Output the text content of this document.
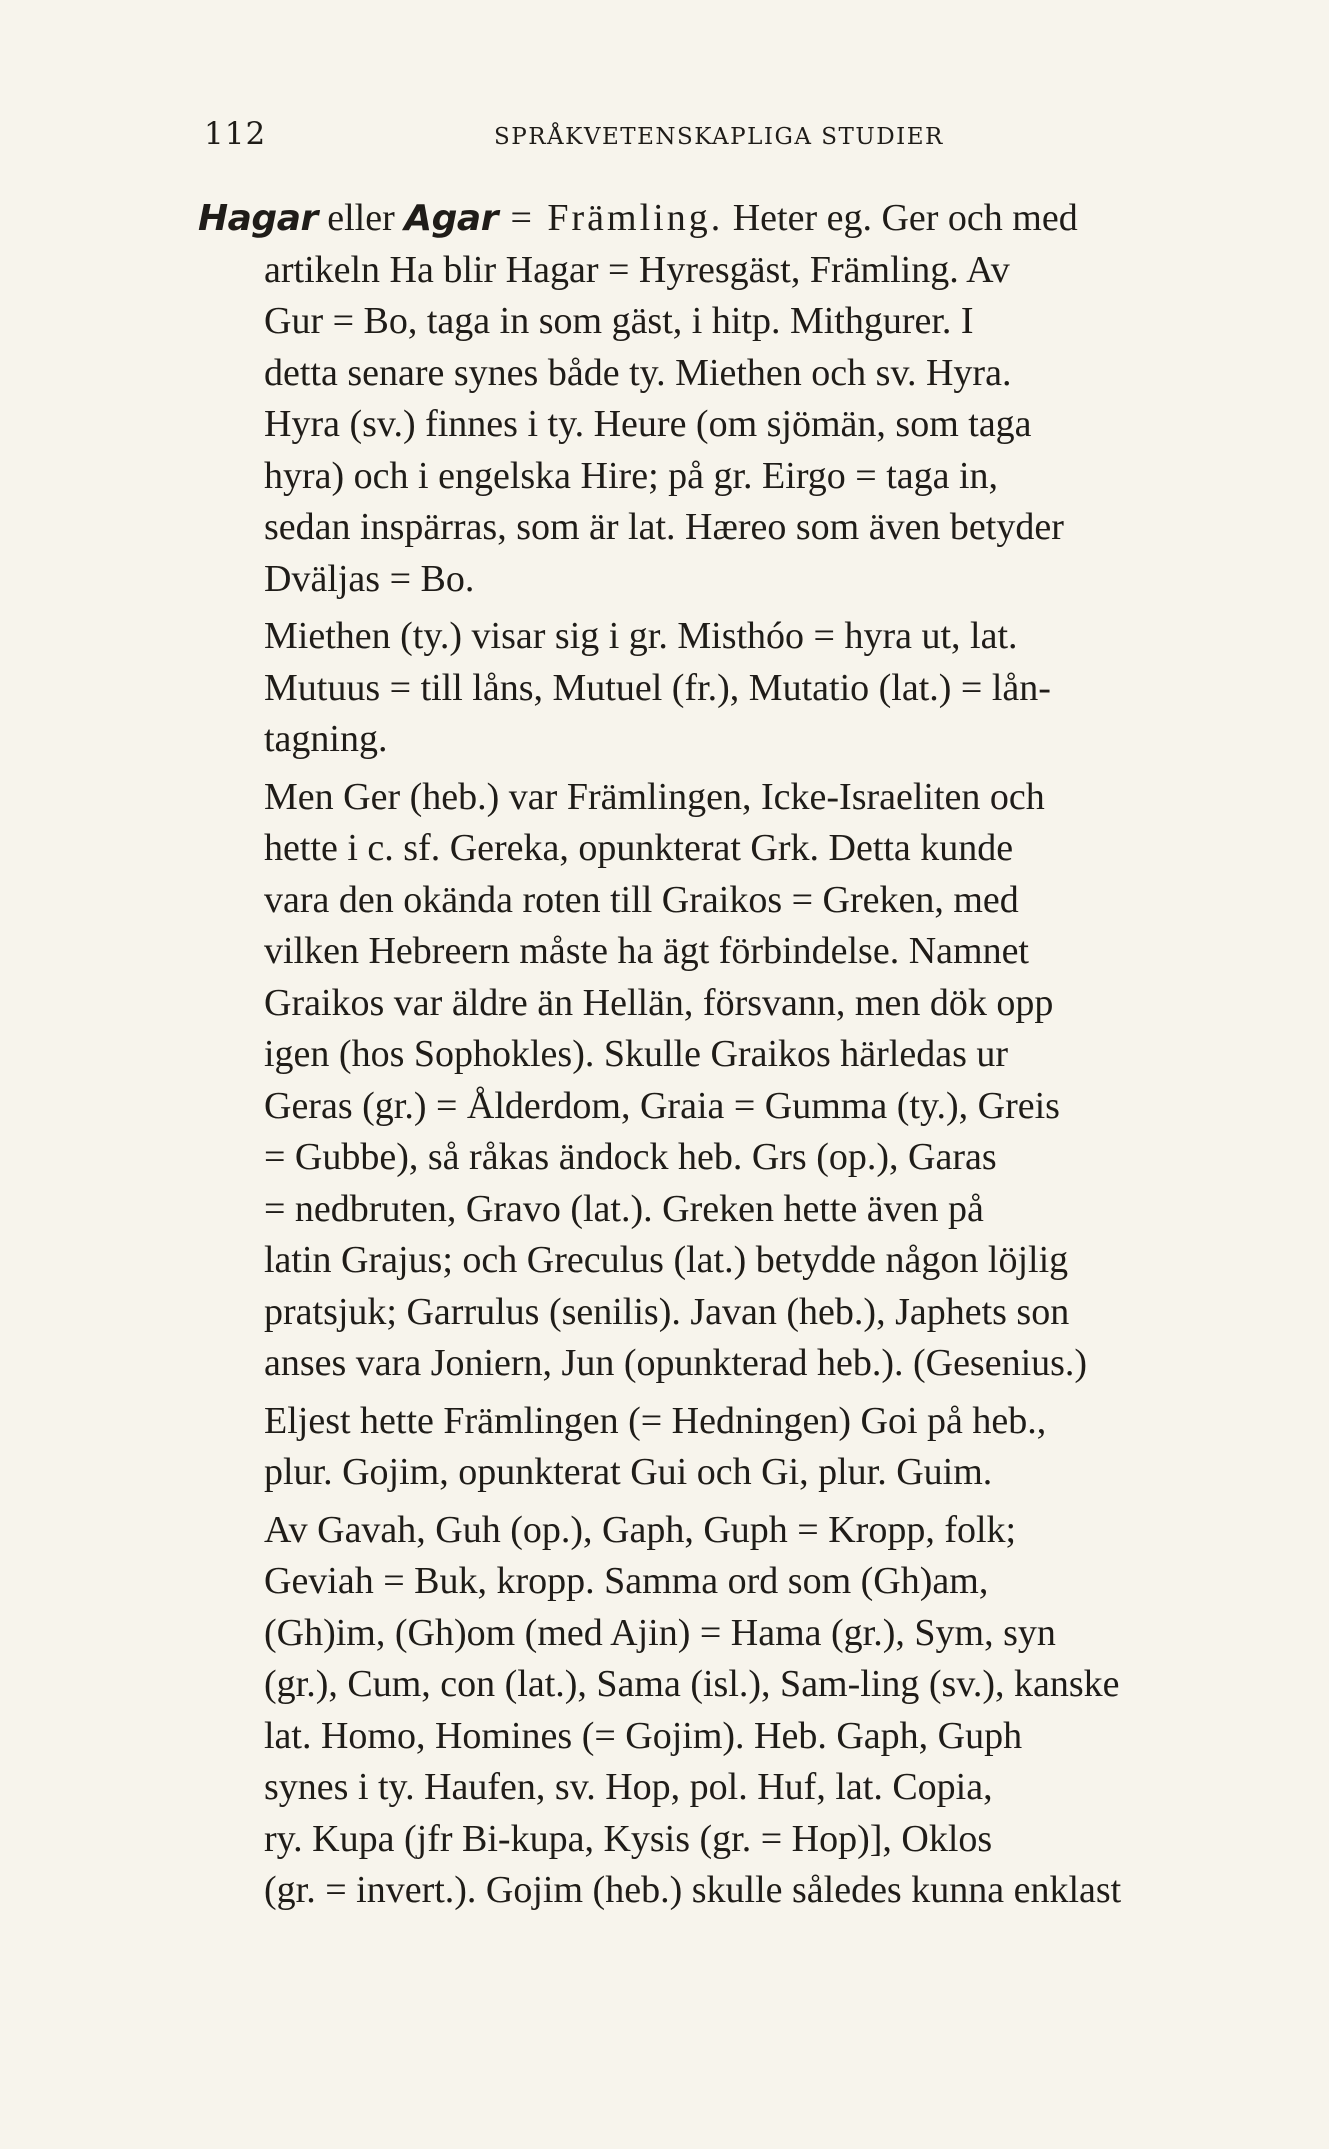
112	SPRÅKVETENSKAPLIGA STUDIER

Hagar eller Agar = Främling. Heter eg. Ger och med
artikeln Ha blir Hagar = Hyresgäst, Främling. Av
Gur = Bo, taga in som gäst, i hitp. Mithgurer. I
detta senare synes både ty. Miethen och sv. Hyra.
Hyra (sv.) finnes i ty. Heure (om sjömän, som taga
hyra) och i engelska Hire; på gr. Eirgo = taga in,
sedan inspärras, som är lat. Hæreo som även betyder
Dväljas = Bo.

Miethen (ty.) visar sig i gr. Misthóo = hyra ut, lat.
Mutuus = till låns, Mutuel (fr.), Mutatio (lat.) = lån-
tagning.

Men Ger (heb.) var Främlingen, Icke-Israeliten och
hette i c. sf. Gereka, opunkterat Grk. Detta kunde
vara den okända roten till Graikos = Greken, med
vilken Hebreern måste ha ägt förbindelse. Namnet
Graikos var äldre än Hellän, försvann, men dök opp
igen (hos Sophokles). Skulle Graikos härledas ur
Geras (gr.) = Ålderdom, Graia = Gumma (ty.), Greis
= Gubbe), så råkas ändock heb. Grs (op.), Garas
= nedbruten, Gravo (lat.). Greken hette även på
latin Grajus; och Greculus (lat.) betydde någon löjlig
pratsjuk; Garrulus (senilis). Javan (heb.), Japhets son
anses vara Joniern, Jun (opunkterad heb.). (Gesenius.)

Eljest hette Främlingen (= Hedningen) Goi på heb.,
plur. Gojim, opunkterat Gui och Gi, plur. Guim.

Av Gavah, Guh (op.), Gaph, Guph = Kropp, folk;
Geviah = Buk, kropp. Samma ord som (Gh)am,
(Gh)im, (Gh)om (med Ajin) = Hama (gr.), Sym, syn
(gr.), Cum, con (lat.), Sama (isl.), Sam-ling (sv.), kanske
lat. Homo, Homines (= Gojim). Heb. Gaph, Guph
synes i ty. Haufen, sv. Hop, pol. Huf, lat. Copia,
ry. Kupa (jfr Bi-kupa, Kysis (gr. = Hop)], Oklos
(gr. = invert.). Gojim (heb.) skulle således kunna enklast
